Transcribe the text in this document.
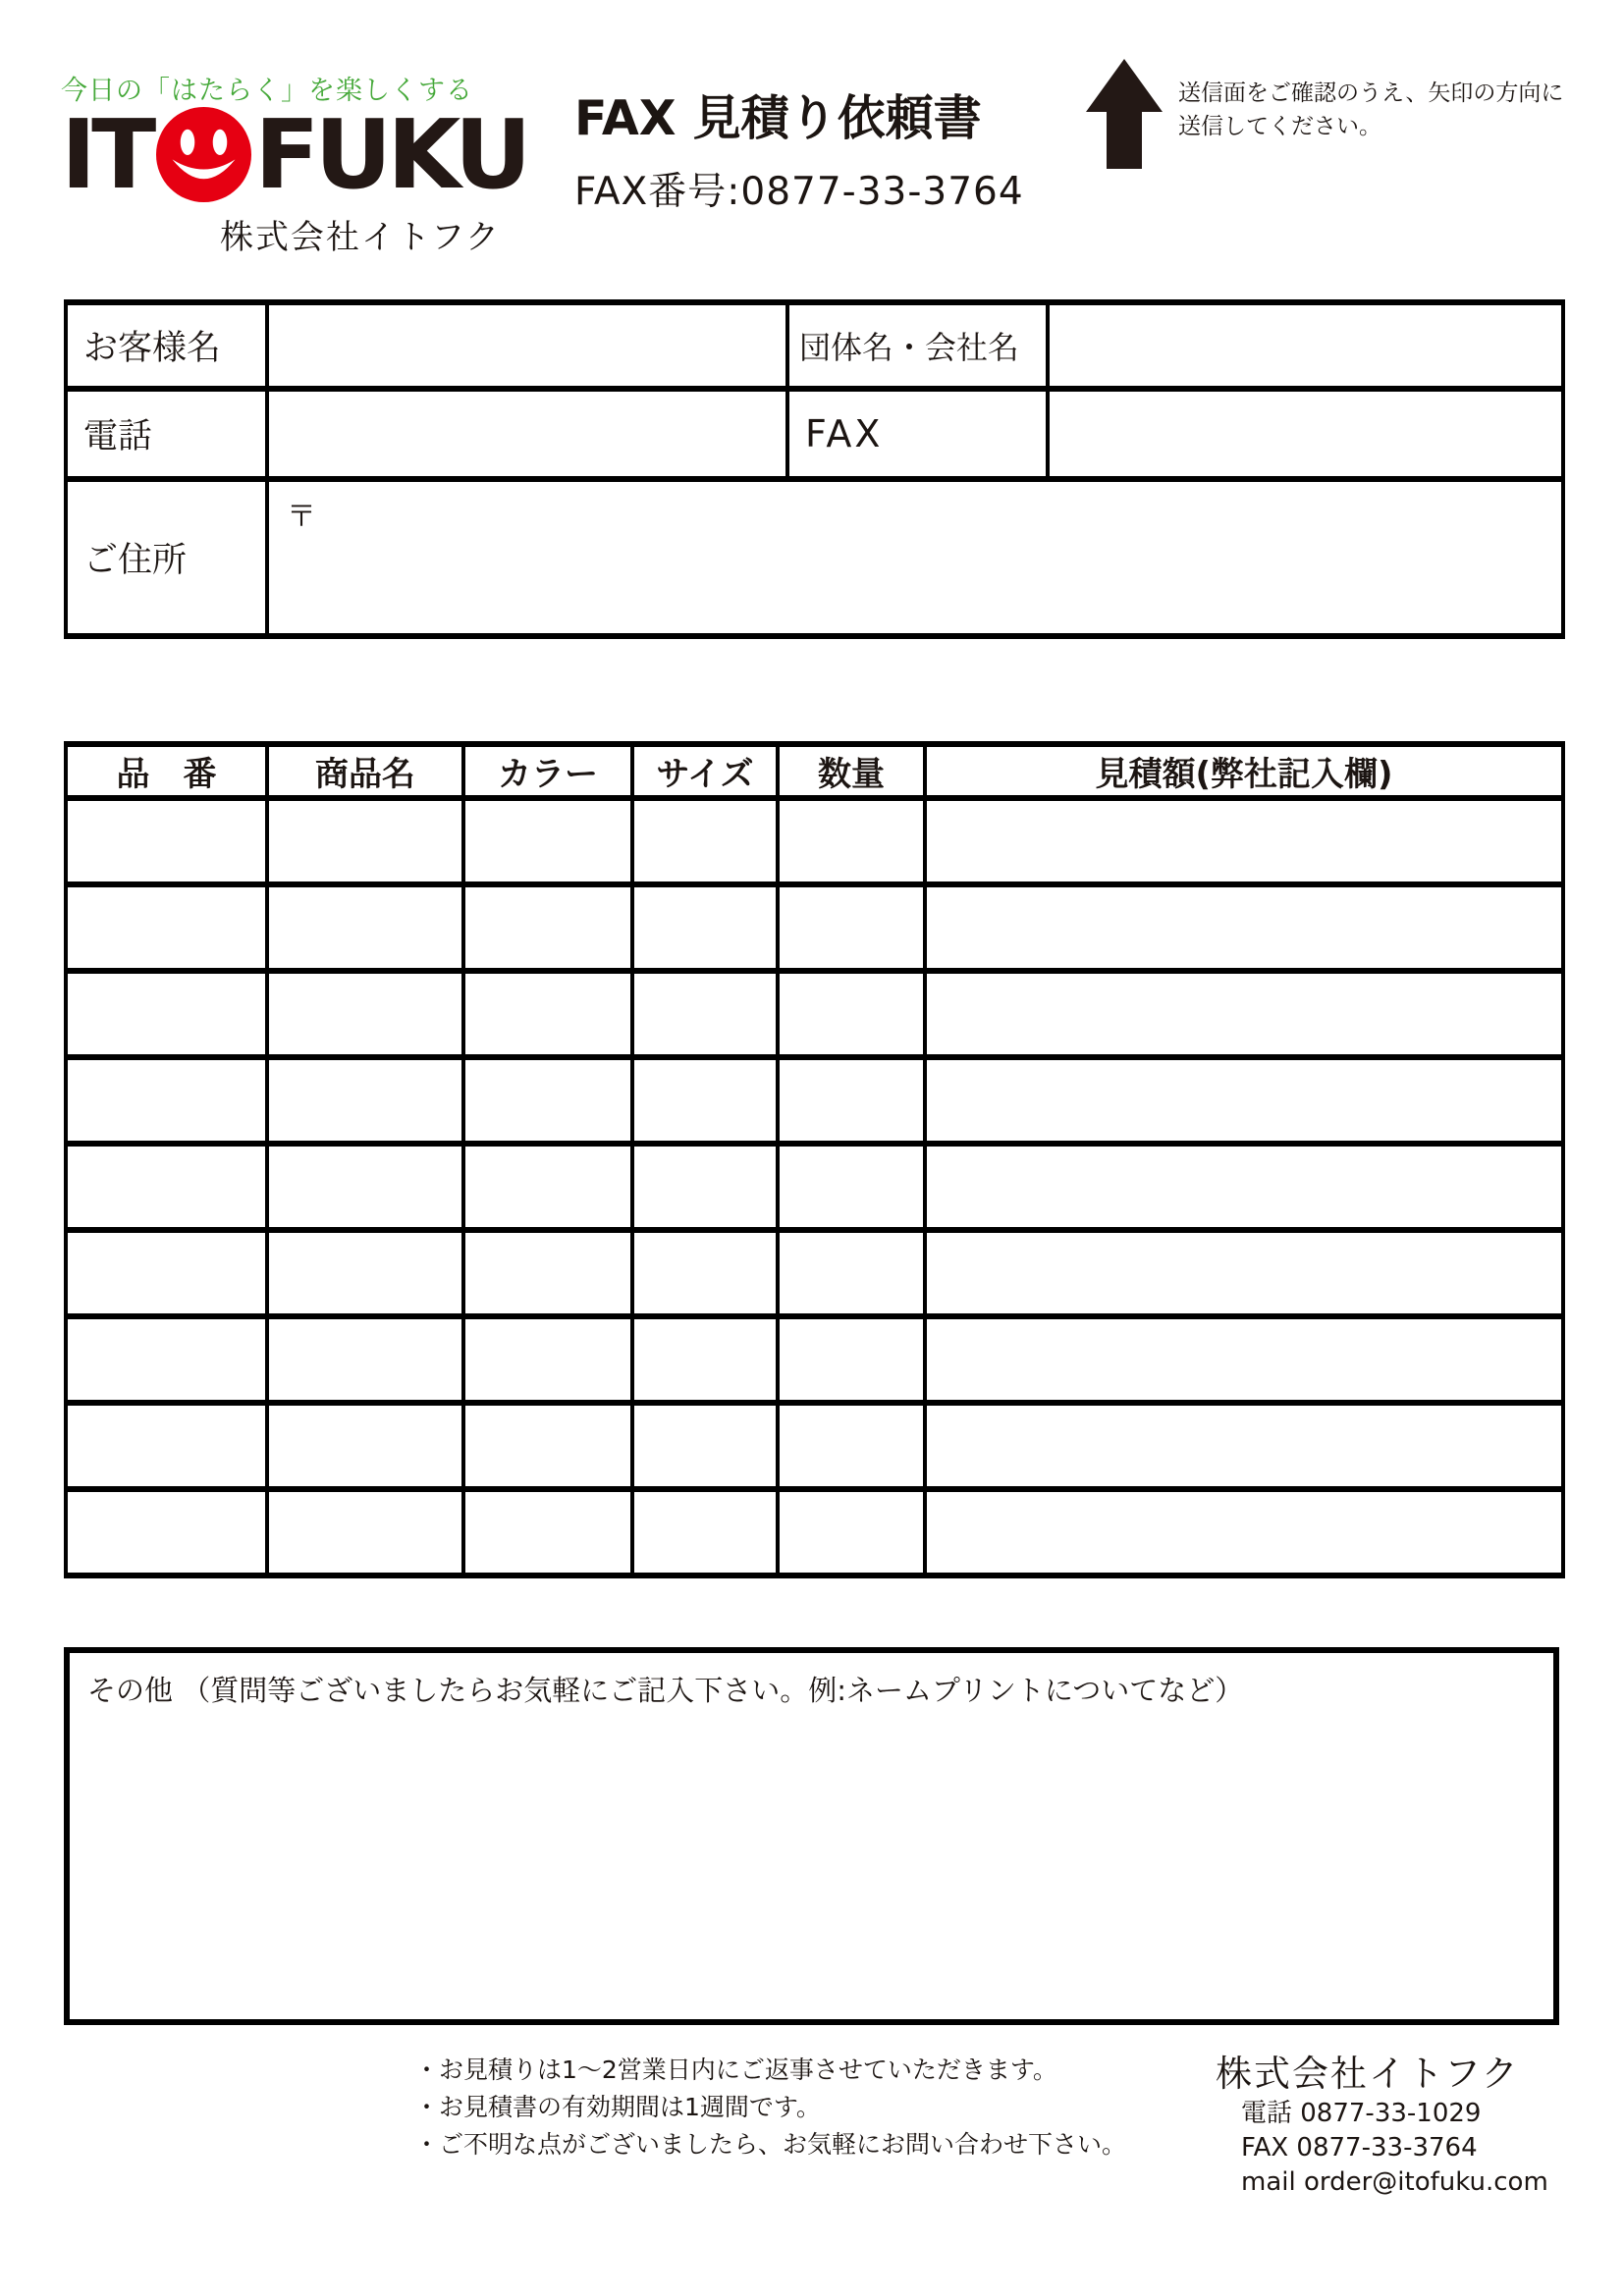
今日の「はたらく」を楽しくする
IT FUKU
株式会社イトフク
FAX 見積り依頼書
FAX番号:0877-33-3764
送信面をご確認のうえ、矢印の方向に
送信してください。
お客様名		団体名・会社名	
電話		FAX	
ご住所	〒		
品　番	商品名	カラー	サイズ	数量	見積額(弊社記入欄)

その他 （質問等ございましたらお気軽にご記入下さい。例:ネームプリントについてなど）
・お見積りは1～2営業日内にご返事させていただきます。
・お見積書の有効期間は1週間です。
・ご不明な点がございましたら、お気軽にお問い合わせ下さい。
株式会社イトフク
電話 0877-33-1029
FAX 0877-33-3764
mail order@itofuku.com
